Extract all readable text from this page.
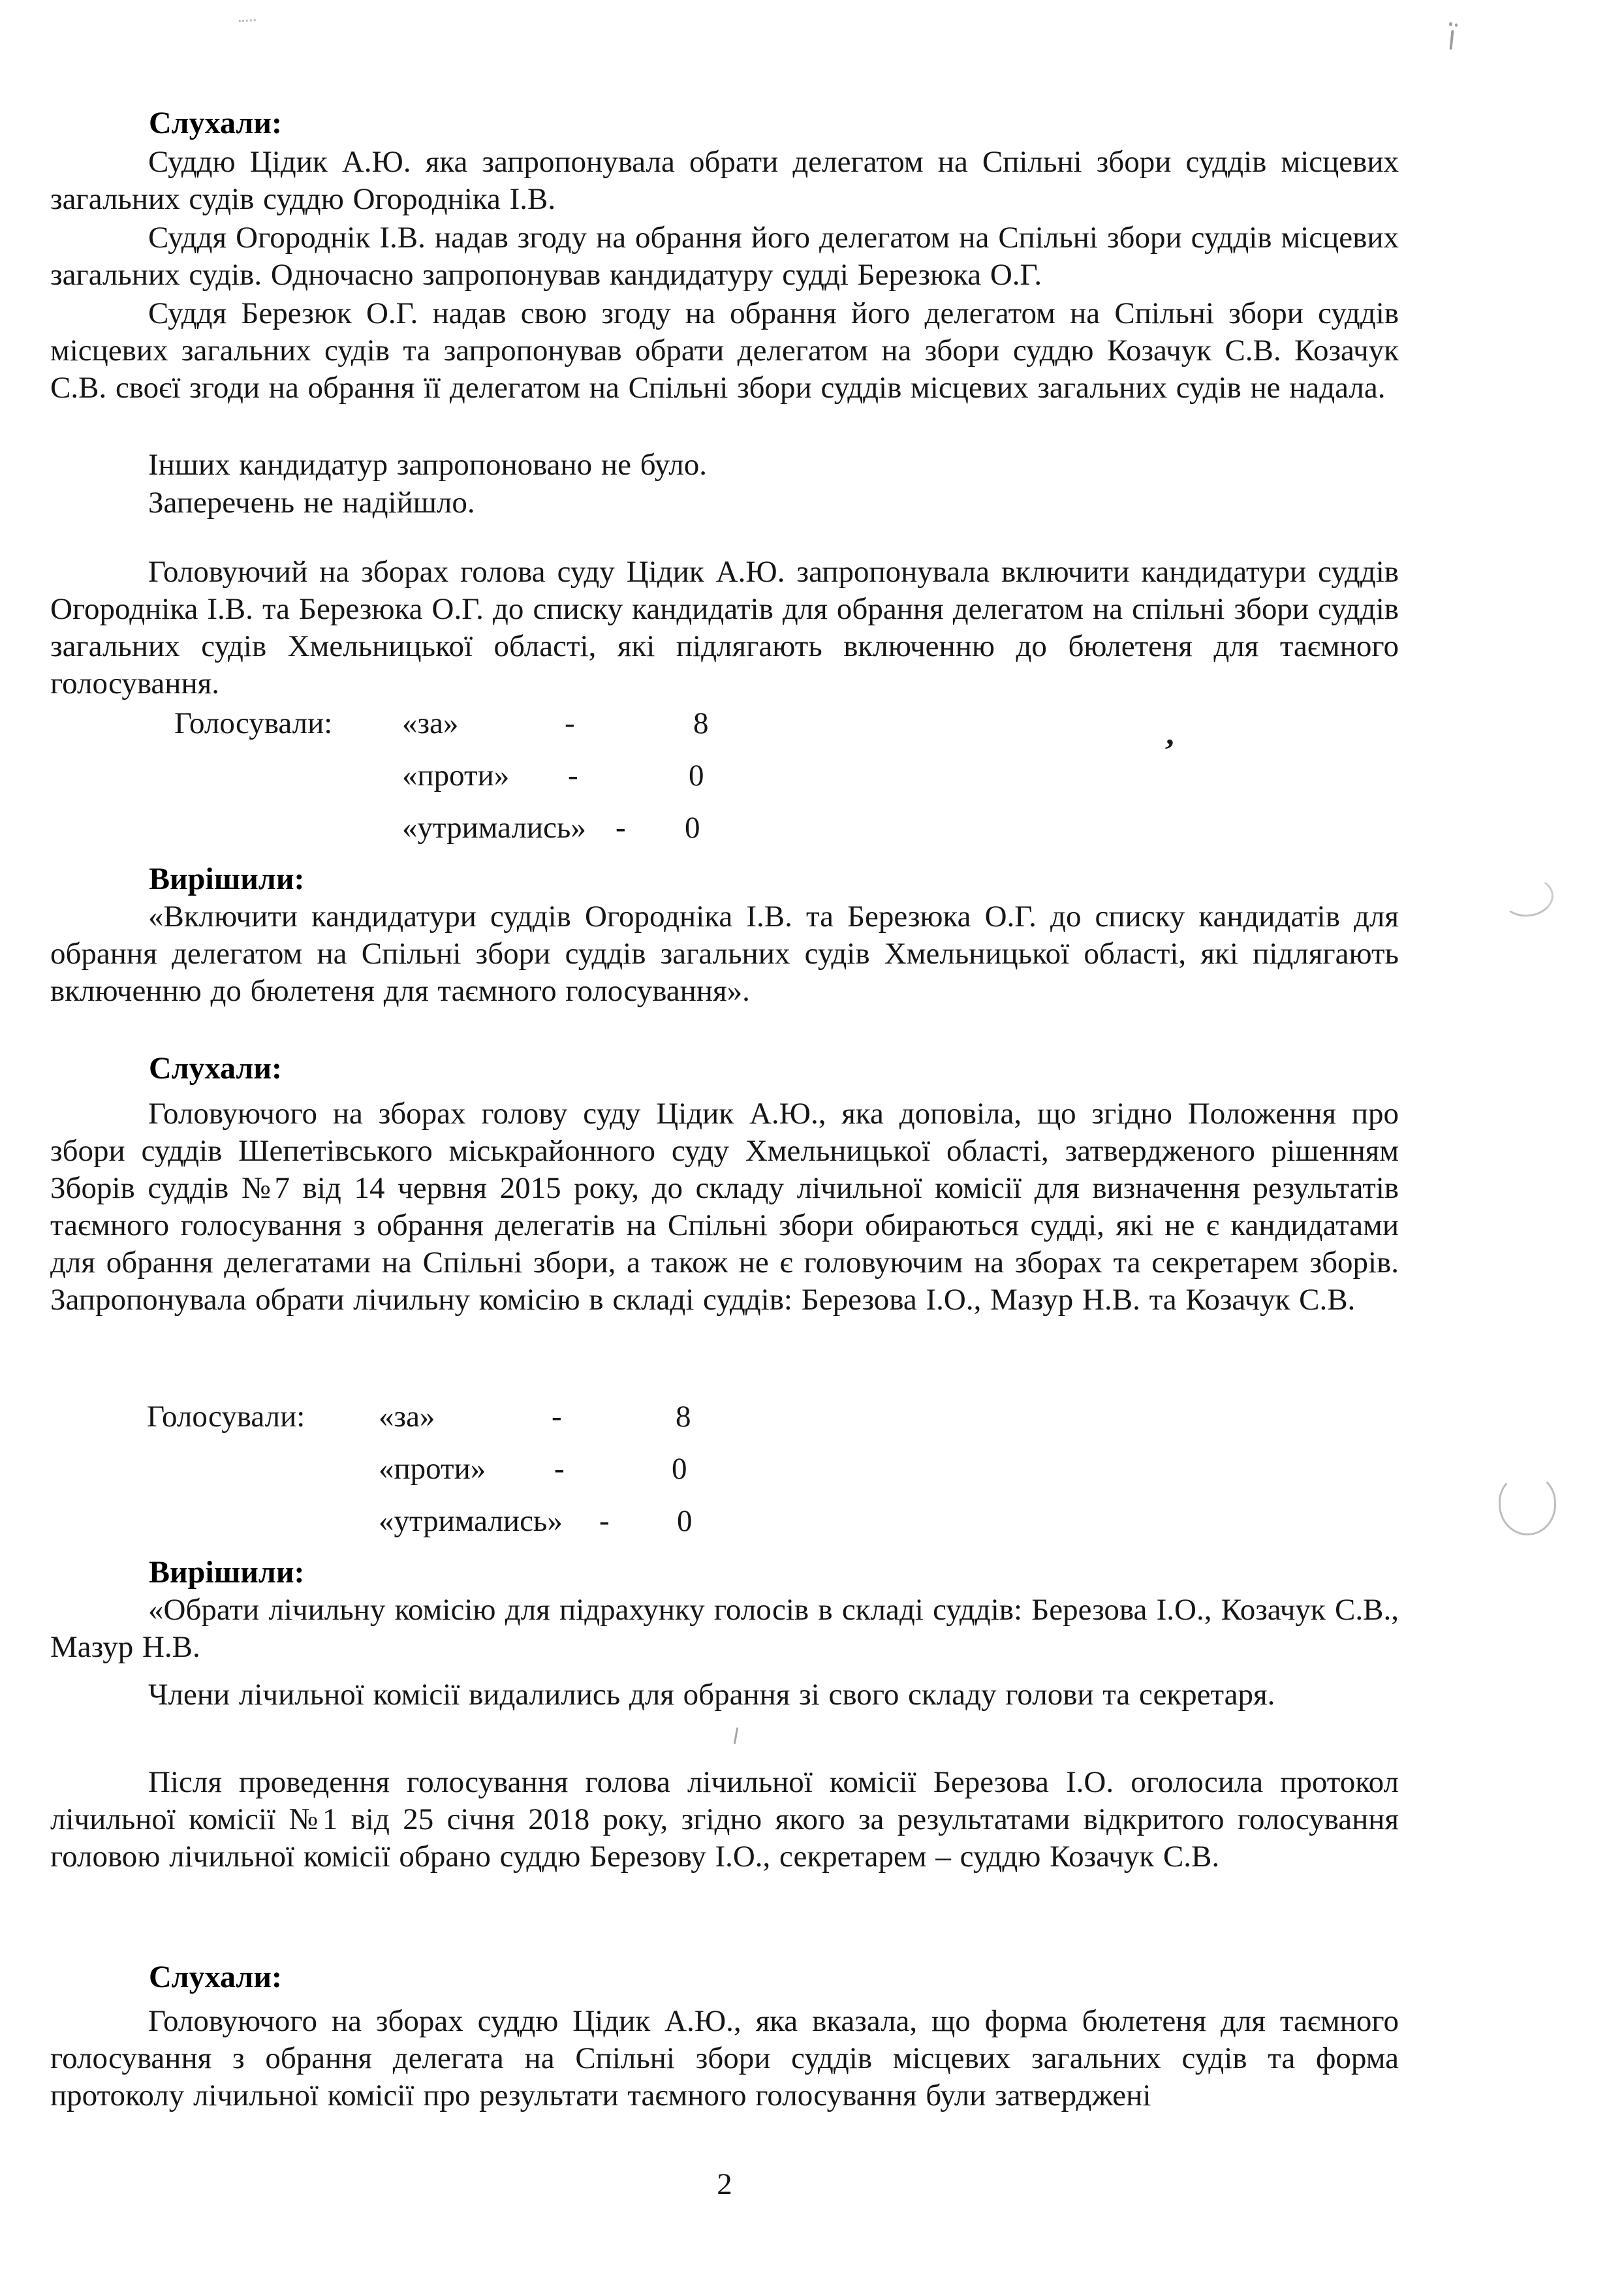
’
Слухали:

Суддю Цідик А.Ю. яка запропонувала обрати делегатом на Спільні збори суддів місцевих загальних судів суддю Огородніка І.В.

Суддя Огороднік І.В. надав згоду на обрання його делегатом на Спільні збори суддів місцевих загальних судів. Одночасно запропонував кандидатуру судді Березюка О.Г.

Суддя Березюк О.Г. надав свою згоду на обрання його делегатом на Спільні збори суддів місцевих загальних судів та запропонував обрати делегатом на збори суддю Козачук С.В. Козачук С.В. своєї згоди на обрання її делегатом на Спільні збори суддів місцевих загальних судів не надала.

Інших кандидатур запропоновано не було.

Заперечень не надійшло.

Головуючий на зборах голова суду Цідик А.Ю. запропонувала включити кандидатури суддів Огородніка І.В. та Березюка О.Г. до списку кандидатів для обрання делегатом на спільні збори суддів загальних судів Хмельницької області, які підлягають включенню до бюлетеня для таємного голосування.

Голосували: «за»	-	8
«проти» -	0
«утримались» - 0
Вирішили:

«Включити кандидатури суддів Огородніка І.В. та Березюка О.Г. до списку кандидатів для обрання делегатом на Спільні збори суддів загальних судів Хмельницької області, які підлягають включенню до бюлетеня для таємного голосування».

Слухали:

Головуючого на зборах голову суду Цідик А.Ю., яка доповіла, що згідно Положення про збори суддів Шепетівського міськрайонного суду Хмельницької області, затвердженого рішенням Зборів суддів №7 від 14 червня 2015 року, до складу лічильної комісії для визначення результатів таємного голосування з обрання делегатів на Спільні збори обираються судді, які не є кандидатами для обрання делегатами на Спільні збори, а також не є головуючим на зборах та секретарем зборів. Запропонувала обрати лічильну комісію в складі суддів: Березова І.О., Мазур Н.В. та Козачук С.В.

Голосували: «за»	-	8
«проти» -	0
«утримались» - 0
Вирішили:

«Обрати лічильну комісію для підрахунку голосів в складі суддів: Березова І.О., Козачук С.В., Мазур Н.В.

Члени лічильної комісії видалились для обрання зі свого складу голови та секретаря.

Після проведення голосування голова лічильної комісії Березова І.О. оголосила протокол лічильної комісії №1 від 25 січня 2018 року, згідно якого за результатами відкритого голосування головою лічильної комісії обрано суддю Березову І.О., секретарем – суддю Козачук С.В.

Слухали:

Головуючого на зборах суддю Цідик А.Ю., яка вказала, що форма бюлетеня для таємного голосування з обрання делегата на Спільні збори суддів місцевих загальних судів та форма протоколу лічильної комісії про результати таємного голосування були затверджені

2
